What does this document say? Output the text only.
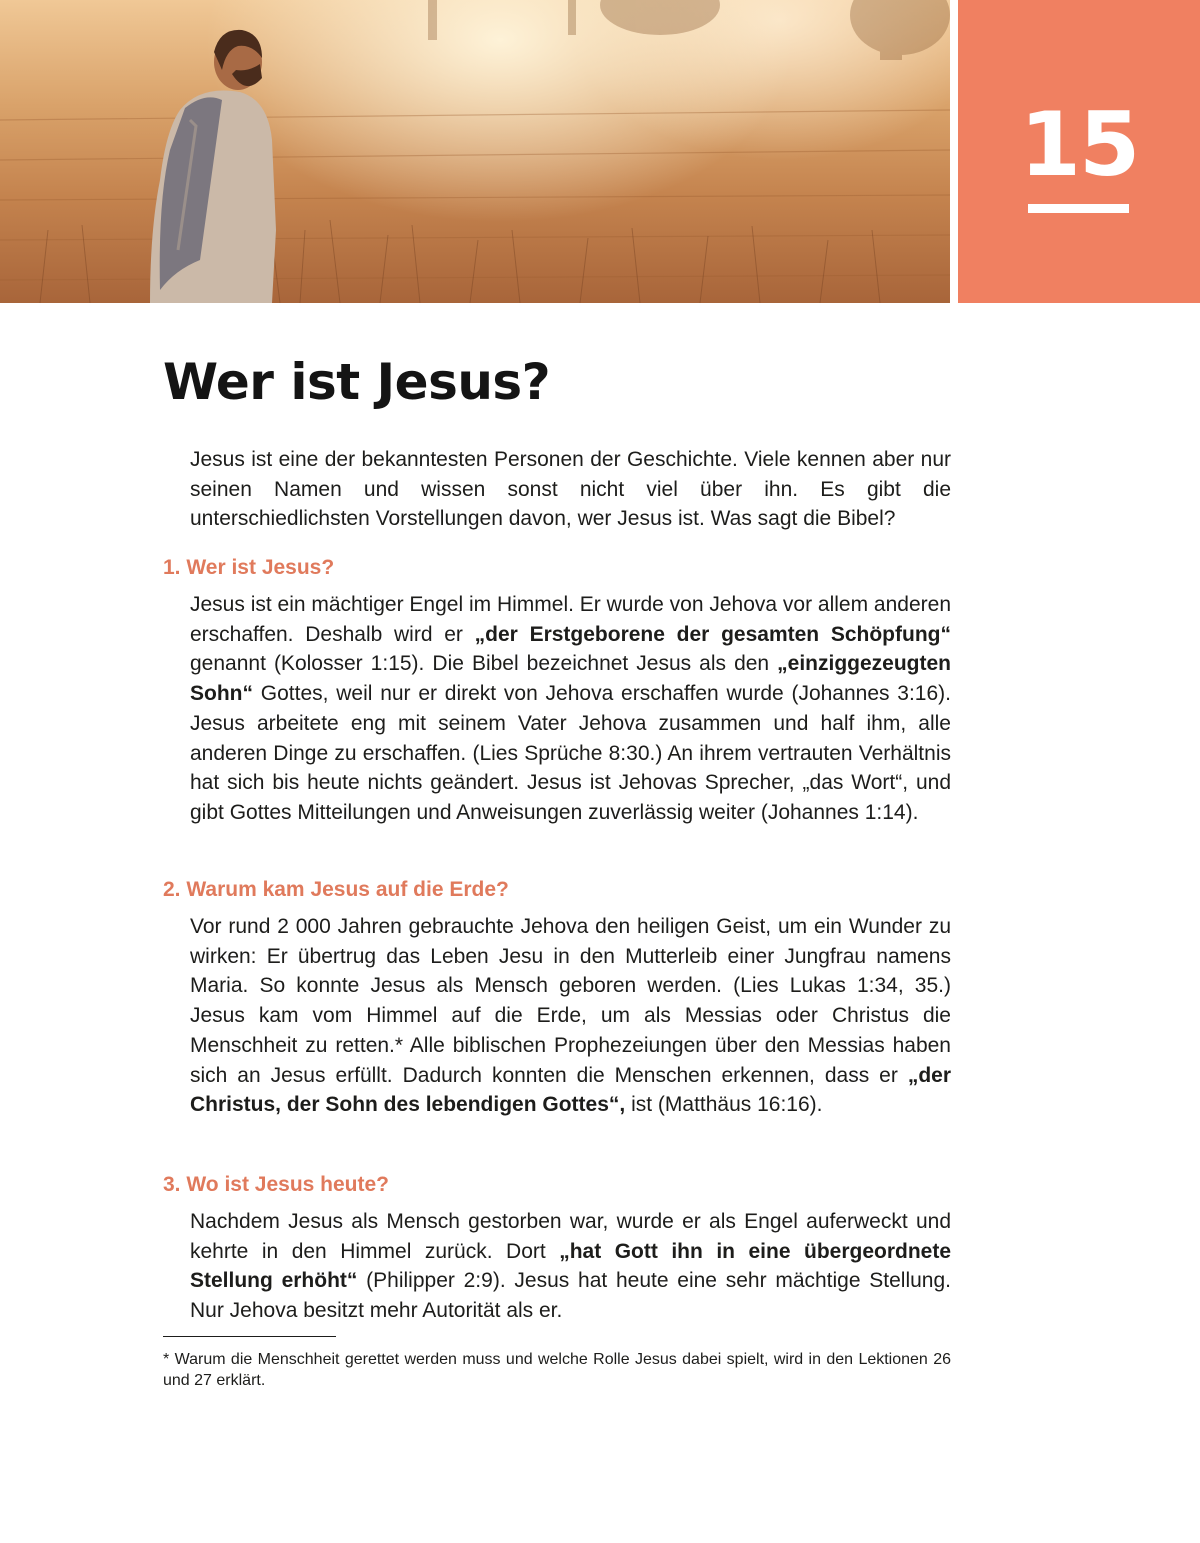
15
Wer ist Jesus?

Jesus ist eine der bekanntesten Personen der Geschichte. Viele kennen aber nur seinen Namen und wissen sonst nicht viel über ihn. Es gibt die unterschiedlichsten Vorstellungen davon, wer Jesus ist. Was sagt die Bibel?

1. Wer ist Jesus?

Jesus ist ein mächtiger Engel im Himmel. Er wurde von Jehova vor allem anderen erschaffen. Deshalb wird er „der Erstgeborene der gesamten Schöpfung“ genannt (Kolosser 1:15). Die Bibel bezeichnet Jesus als den „einziggezeugten Sohn“ Gottes, weil nur er direkt von Jehova erschaffen wurde (Johannes 3:16). Jesus arbeitete eng mit seinem Vater Jehova zusammen und half ihm, alle anderen Dinge zu erschaffen. (Lies Sprüche 8:30.) An ihrem vertrauten Verhältnis hat sich bis heute nichts geändert. Jesus ist Jehovas Sprecher, „das Wort“, und gibt Gottes Mitteilungen und Anweisungen zuverlässig weiter (Johannes 1:14).

2. Warum kam Jesus auf die Erde?

Vor rund 2 000 Jahren gebrauchte Jehova den heiligen Geist, um ein Wunder zu wirken: Er übertrug das Leben Jesu in den Mutterleib einer Jungfrau namens Maria. So konnte Jesus als Mensch geboren werden. (Lies Lukas 1:34, 35.) Jesus kam vom Himmel auf die Erde, um als Messias oder Christus die Menschheit zu retten.* Alle biblischen Prophezeiungen über den Messias haben sich an Jesus erfüllt. Dadurch konnten die Menschen erkennen, dass er „der Christus, der Sohn des lebendigen Gottes“, ist (Matthäus 16:16).

3. Wo ist Jesus heute?

Nachdem Jesus als Mensch gestorben war, wurde er als Engel auferweckt und kehrte in den Himmel zurück. Dort „hat Gott ihn in eine übergeordnete Stellung erhöht“ (Philipper 2:9). Jesus hat heute eine sehr mächtige Stellung. Nur Jehova besitzt mehr Autorität als er.

* Warum die Menschheit gerettet werden muss und welche Rolle Jesus dabei spielt, wird in den Lektionen 26 und 27 erklärt.
